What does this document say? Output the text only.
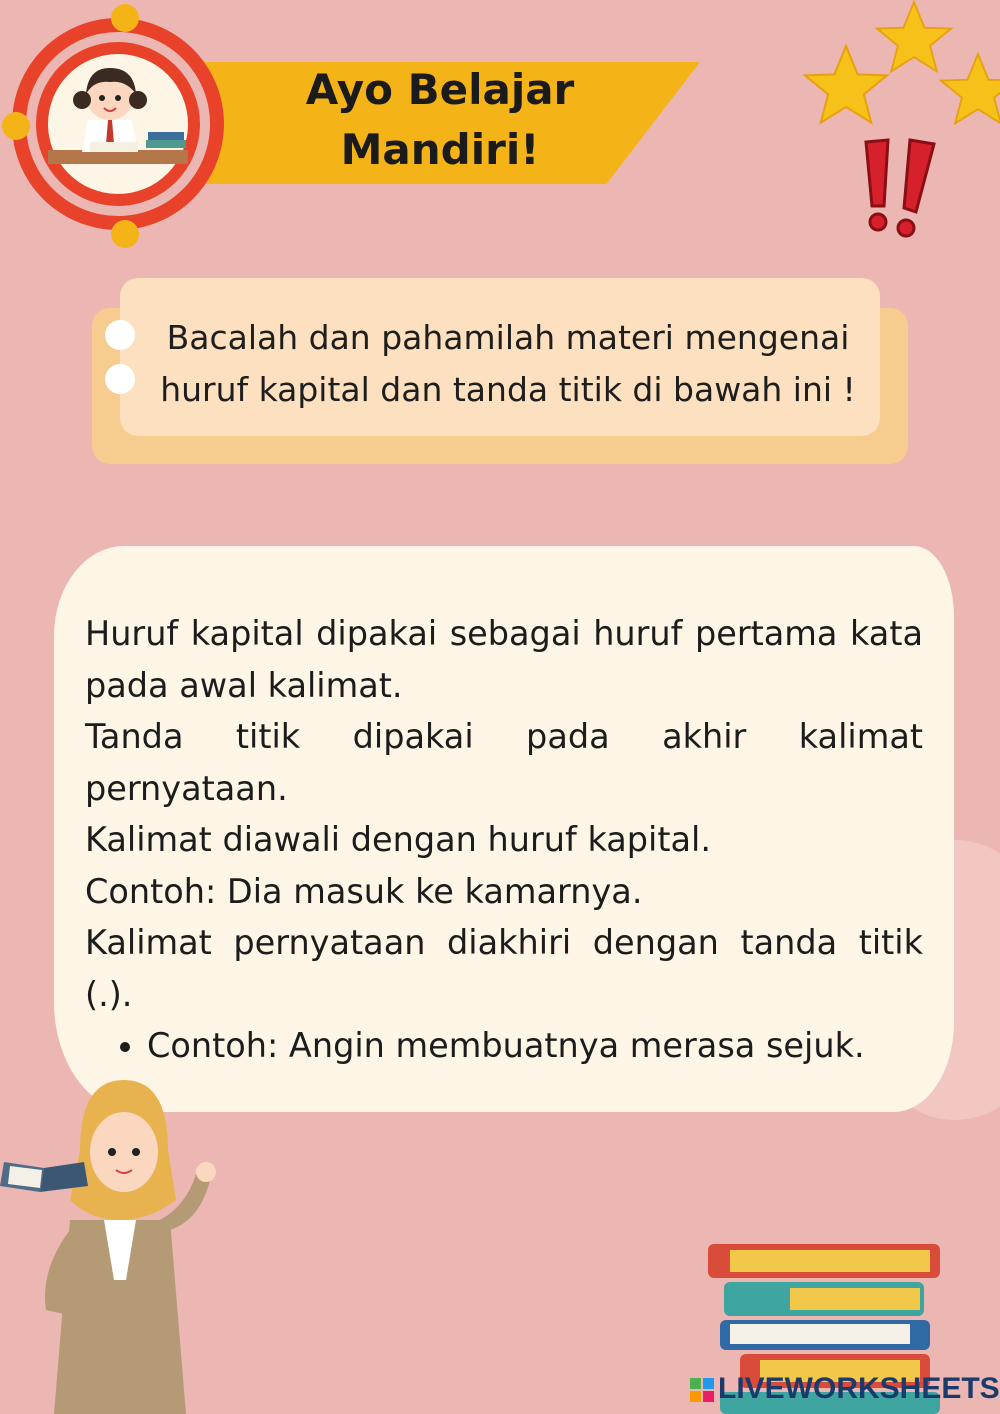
Ayo Belajar
Mandiri!
Bacalah dan pahamilah materi mengenai
huruf kapital dan tanda titik di bawah ini !

Huruf kapital dipakai sebagai huruf pertama kata pada awal kalimat.

Tanda titik dipakai pada akhir kalimat pernyataan.

Kalimat diawali dengan huruf kapital.

Contoh: Dia masuk ke kamarnya.

Kalimat pernyataan diakhiri dengan tanda titik (.).

• Contoh: Angin membuatnya merasa sejuk.
LIVEWORKSHEETS
